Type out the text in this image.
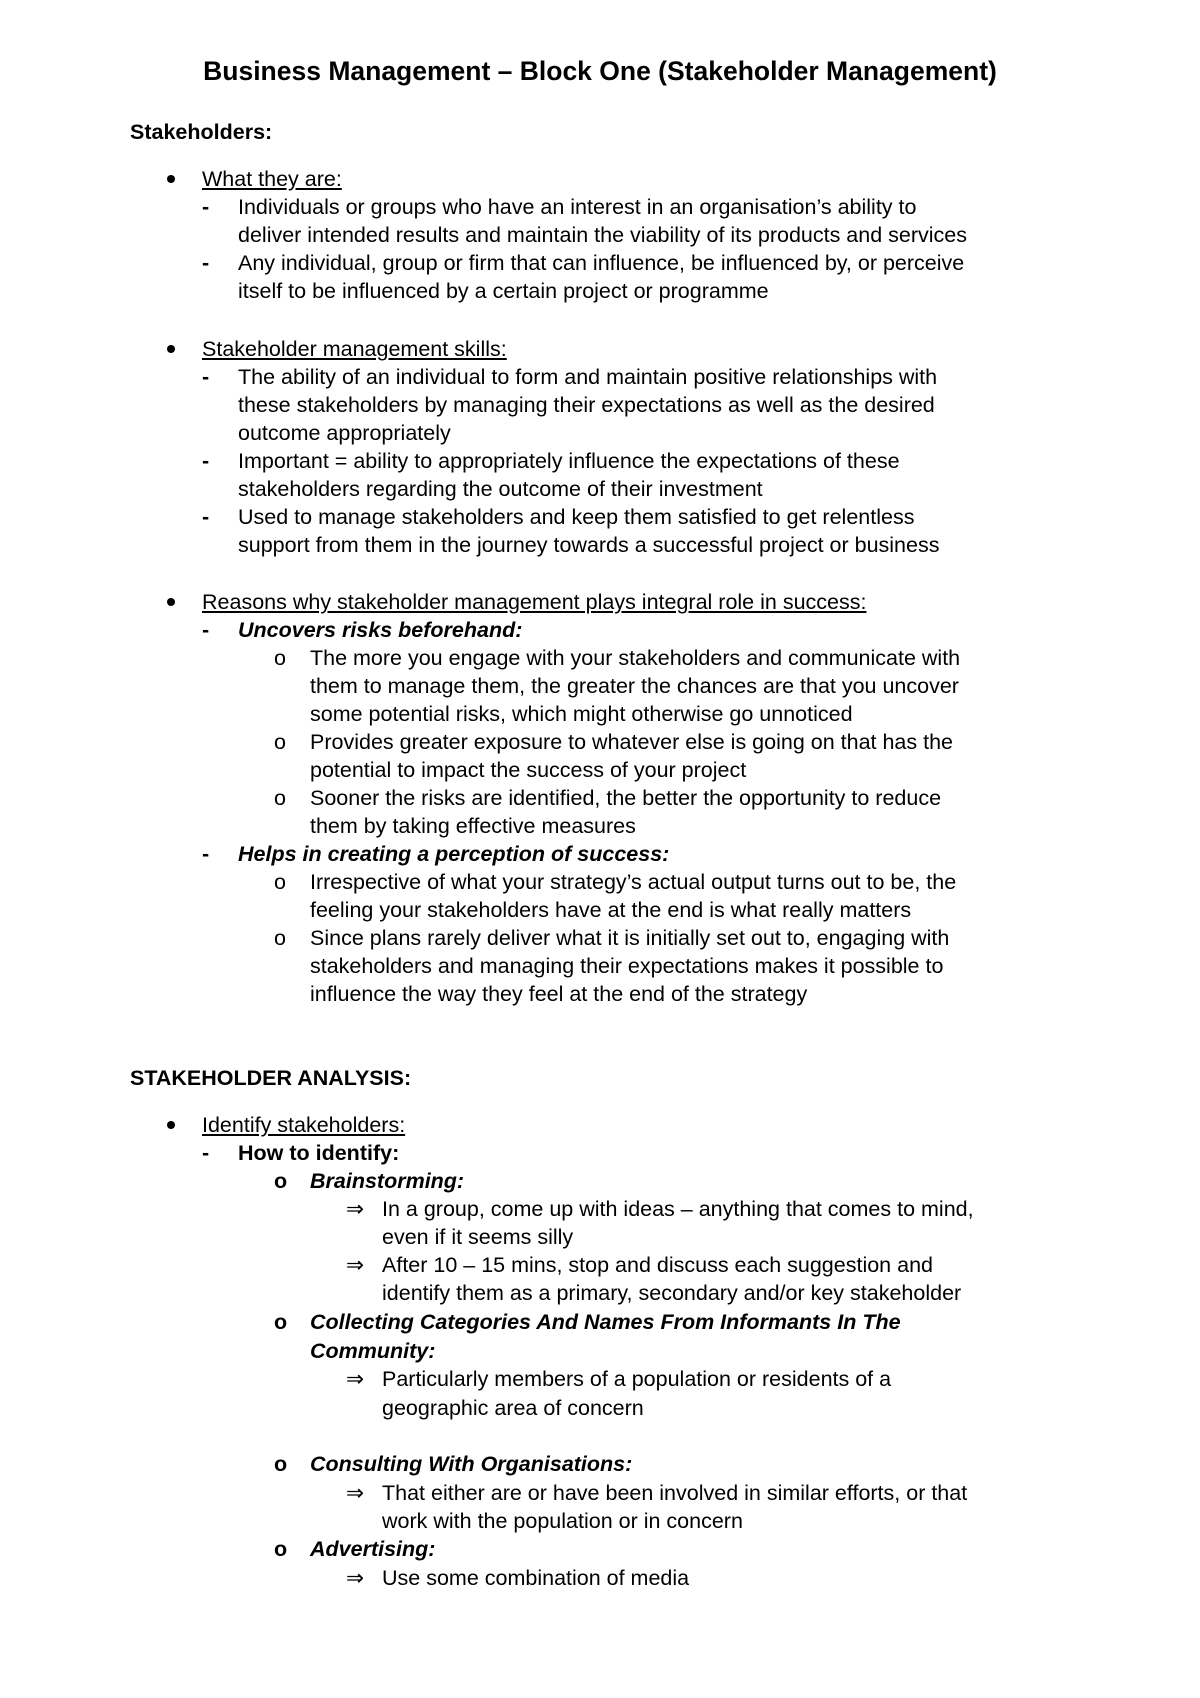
Business Management – Block One (Stakeholder Management)
Stakeholders:
What they are:
- Individuals or groups who have an interest in an organisation’s ability to
deliver intended results and maintain the viability of its products and services
- Any individual, group or firm that can influence, be influenced by, or perceive
itself to be influenced by a certain project or programme
Stakeholder management skills:
- The ability of an individual to form and maintain positive relationships with
these stakeholders by managing their expectations as well as the desired
outcome appropriately
- Important = ability to appropriately influence the expectations of these
stakeholders regarding the outcome of their investment
- Used to manage stakeholders and keep them satisfied to get relentless
support from them in the journey towards a successful project or business
Reasons why stakeholder management plays integral role in success:
- Uncovers risks beforehand:
o The more you engage with your stakeholders and communicate with
them to manage them, the greater the chances are that you uncover
some potential risks, which might otherwise go unnoticed
o Provides greater exposure to whatever else is going on that has the
potential to impact the success of your project
o Sooner the risks are identified, the better the opportunity to reduce
them by taking effective measures
- Helps in creating a perception of success:
o Irrespective of what your strategy’s actual output turns out to be, the
feeling your stakeholders have at the end is what really matters
o Since plans rarely deliver what it is initially set out to, engaging with
stakeholders and managing their expectations makes it possible to
influence the way they feel at the end of the strategy
STAKEHOLDER ANALYSIS:
Identify stakeholders:
- How to identify:
o Brainstorming:
⇒ In a group, come up with ideas – anything that comes to mind,
even if it seems silly
⇒ After 10 – 15 mins, stop and discuss each suggestion and
identify them as a primary, secondary and/or key stakeholder
o Collecting Categories And Names From Informants In The
Community:
⇒ Particularly members of a population or residents of a
geographic area of concern
o Consulting With Organisations:
⇒ That either are or have been involved in similar efforts, or that
work with the population or in concern
o Advertising:
⇒ Use some combination of media
